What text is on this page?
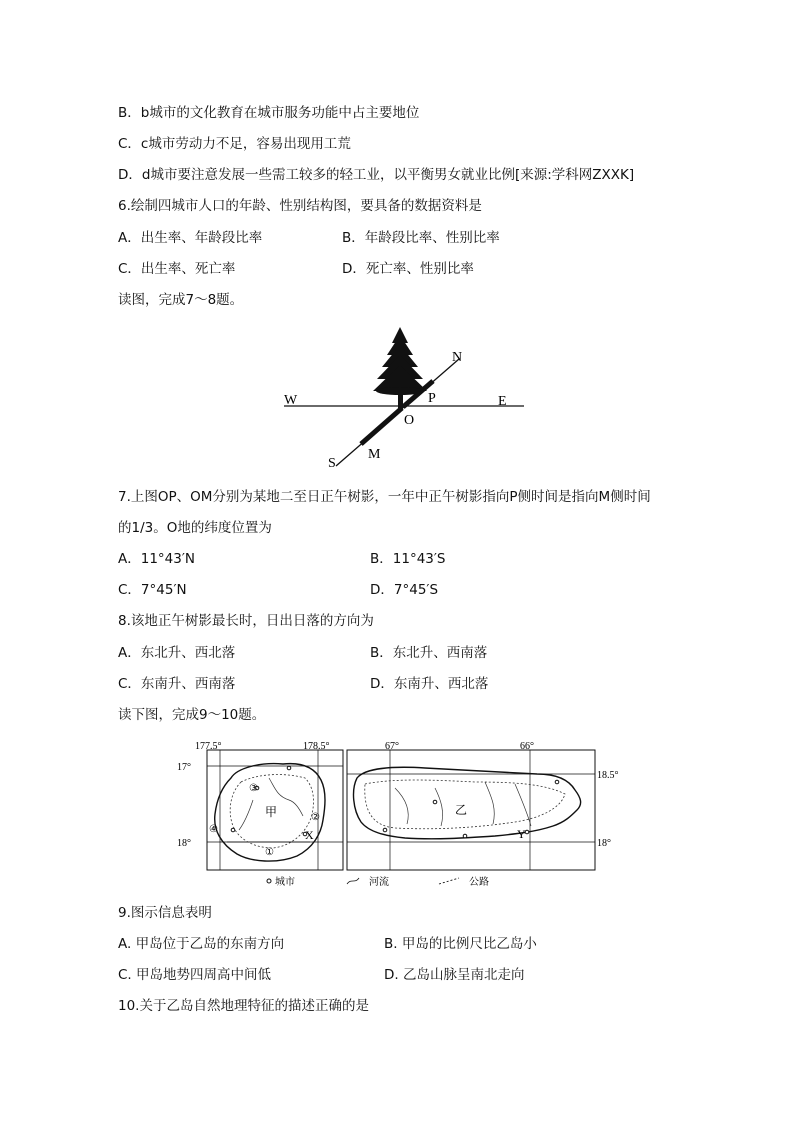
B．b城市的文化教育在城市服务功能中占主要地位
C．c城市劳动力不足，容易出现用工荒
D．d城市要注意发展一些需工较多的轻工业，以平衡男女就业比例[来源:学科网ZXXK]
6.绘制四城市人口的年龄、性别结构图，要具备的数据资料是
A．出生率、年龄段比率	B．年龄段比率、性别比率
C．出生率、死亡率	D．死亡率、性别比率
读图，完成7～8题。
W	E
N
S
P
O
M
7.上图OP、OM分别为某地二至日正午树影，一年中正午树影指向P侧时间是指向M侧时间
的1/3。O地的纬度位置为
A．11°43′N	B．11°43′S
C．7°45′N	D．7°45′S
8.该地正午树影最长时，日出日落的方向为
A．东北升、西北落	B．东北升、西南落
C．东南升、西南落	D．东南升、西北落
读下图，完成9～10题。
甲
X
③
②
④
①
177.5°	178.5°
17°
18°
乙
Y
67°	66°
18.5°
18°
城市	河流	公路
9.图示信息表明
A. 甲岛位于乙岛的东南方向	B. 甲岛的比例尺比乙岛小
C. 甲岛地势四周高中间低	D. 乙岛山脉呈南北走向
10.关于乙岛自然地理特征的描述正确的是
